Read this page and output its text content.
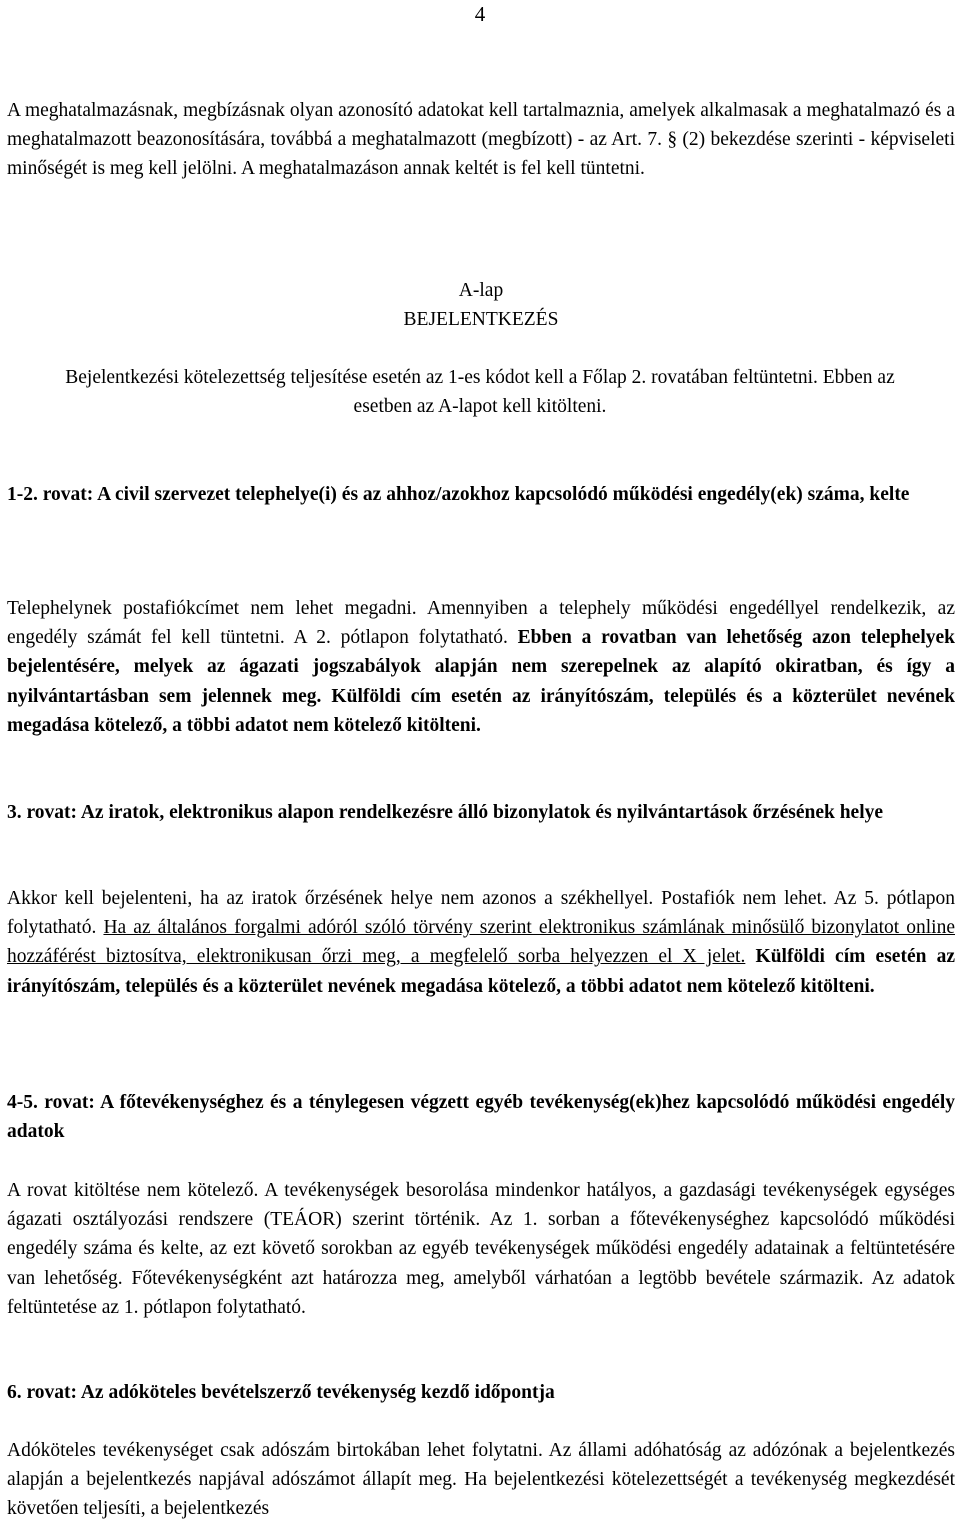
4

A meghatalmazásnak, megbízásnak olyan azonosító adatokat kell tartalmaznia, amelyek alkalmasak a meghatalmazó és a meghatalmazott beazonosítására, továbbá a meghatalmazott (megbízott) - az Art. 7. § (2) bekezdése szerinti - képviseleti minőségét is meg kell jelölni. A meghatalmazáson annak keltét is fel kell tüntetni.

A-lap
BEJELENTKEZÉS

Bejelentkezési kötelezettség teljesítése esetén az 1-es kódot kell a Főlap 2. rovatában feltüntetni. Ebben az esetben az A-lapot kell kitölteni.

1-2. rovat: A civil szervezet telephelye(i) és az ahhoz/azokhoz kapcsolódó működési engedély(ek) száma, kelte

Telephelynek postafiókcímet nem lehet megadni. Amennyiben a telephely működési engedéllyel rendelkezik, az engedély számát fel kell tüntetni. A 2. pótlapon folytatható. Ebben a rovatban van lehetőség azon telephelyek bejelentésére, melyek az ágazati jogszabályok alapján nem szerepelnek az alapító okiratban, és így a nyilvántartásban sem jelennek meg. Külföldi cím esetén az irányítószám, település és a közterület nevének megadása kötelező, a többi adatot nem kötelező kitölteni.

3. rovat: Az iratok, elektronikus alapon rendelkezésre álló bizonylatok és nyilvántartások őrzésének helye

Akkor kell bejelenteni, ha az iratok őrzésének helye nem azonos a székhellyel. Postafiók nem lehet. Az 5. pótlapon folytatható. Ha az általános forgalmi adóról szóló törvény szerint elektronikus számlának minősülő bizonylatot online hozzáférést biztosítva, elektronikusan őrzi meg, a megfelelő sorba helyezzen el X jelet. Külföldi cím esetén az irányítószám, település és a közterület nevének megadása kötelező, a többi adatot nem kötelező kitölteni.

4-5. rovat: A főtevékenységhez és a ténylegesen végzett egyéb tevékenység(ek)hez kapcsolódó működési engedély adatok

A rovat kitöltése nem kötelező. A tevékenységek besorolása mindenkor hatályos, a gazdasági tevékenységek egységes ágazati osztályozási rendszere (TEÁOR) szerint történik. Az 1. sorban a főtevékenységhez kapcsolódó működési engedély száma és kelte, az ezt követő sorokban az egyéb tevékenységek működési engedély adatainak a feltüntetésére van lehetőség. Főtevékenységként azt határozza meg, amelyből várhatóan a legtöbb bevétele származik. Az adatok feltüntetése az 1. pótlapon folytatható.

6. rovat: Az adóköteles bevételszerző tevékenység kezdő időpontja

Adóköteles tevékenységet csak adószám birtokában lehet folytatni. Az állami adóhatóság az adózónak a bejelentkezés alapján a bejelentkezés napjával adószámot állapít meg. Ha bejelentkezési kötelezettségét a tevékenység megkezdését követően teljesíti, a bejelentkezés
